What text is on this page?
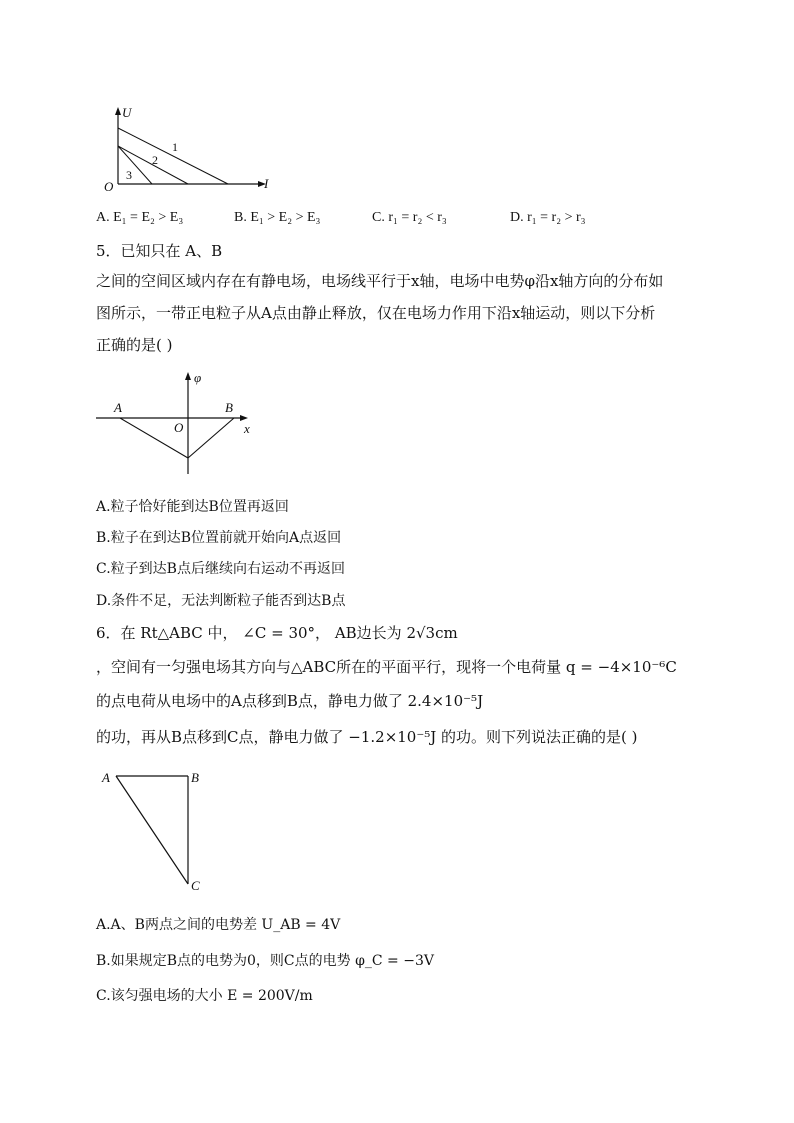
U
O	I
1
2
3
A. E₁ = E₂ > E₃	B. E₁ > E₂ > E₃	C. r₁ = r₂ < r₃	D. r₁ = r₂ > r₃
5．已知只在 A、B
之间的空间区域内存在有静电场，电场线平行于x轴，电场中电势φ沿x轴方向的分布如
图所示，一带正电粒子从A点由静止释放，仅在电场力作用下沿x轴运动，则以下分析
正确的是( )
φ
A	B
O	x
A.粒子恰好能到达B位置再返回
B.粒子在到达B位置前就开始向A点返回
C.粒子到达B点后继续向右运动不再返回
D.条件不足，无法判断粒子能否到达B点
6．在 Rt△ABC 中， ∠C = 30°， AB边长为 2√3cm
，空间有一匀强电场其方向与△ABC所在的平面平行，现将一个电荷量 q = −4×10⁻⁶C
的点电荷从电场中的A点移到B点，静电力做了 2.4×10⁻⁵J
的功，再从B点移到C点，静电力做了 −1.2×10⁻⁵J 的功。则下列说法正确的是( )
A	B
C
A.A、B两点之间的电势差 U_AB = 4V
B.如果规定B点的电势为0，则C点的电势 φ_C = −3V
C.该匀强电场的大小 E = 200V/m
